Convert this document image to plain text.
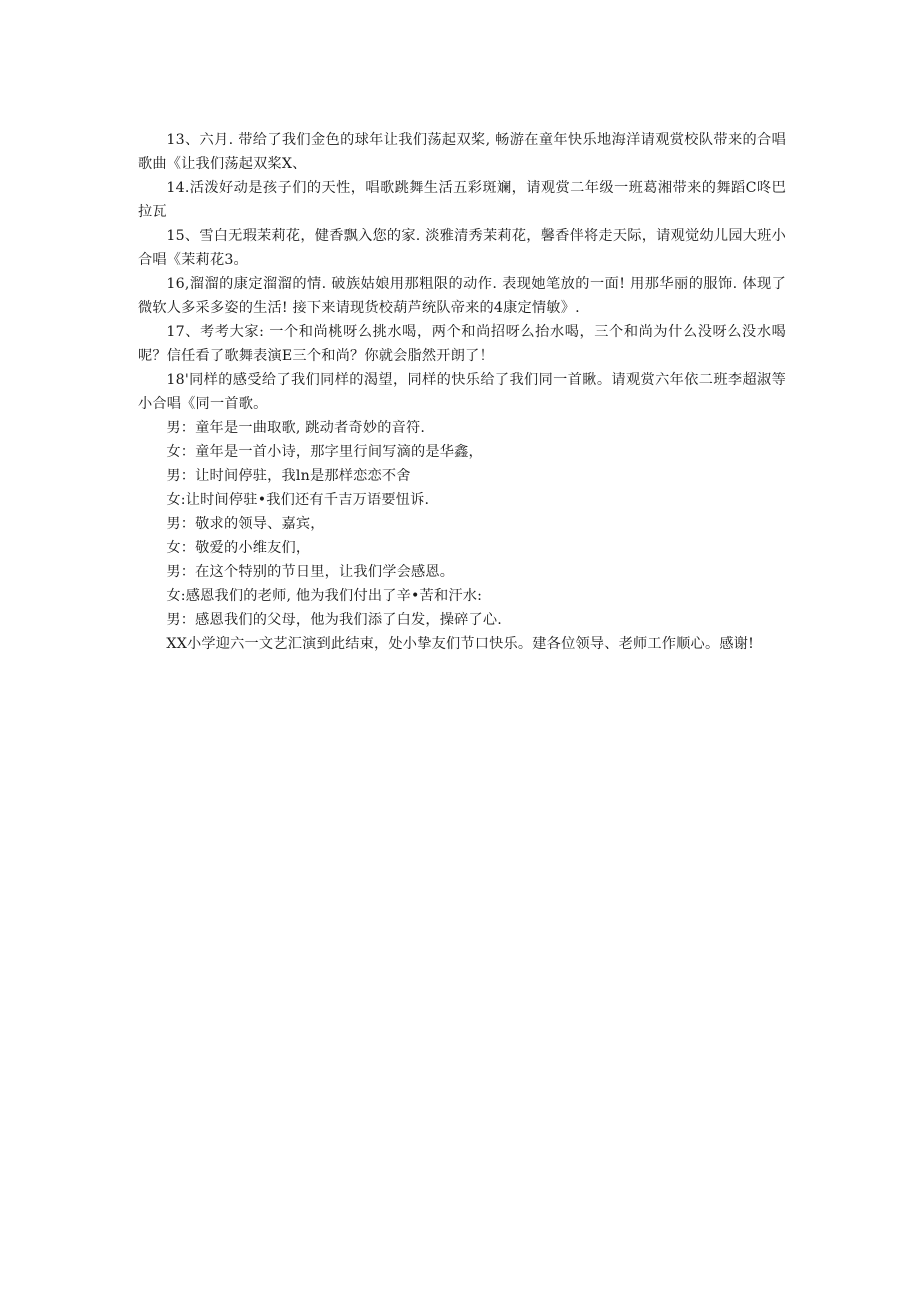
13、六月. 带给了我们金色的球年让我们荡起双桨, 畅游在童年快乐地海洋请观赏校队带来的合唱歌曲《让我们荡起双桨X、

14.活泼好动是孩子们的天性，唱歌跳舞生活五彩斑斓，请观赏二年级一班葛湘带来的舞蹈C咚巴拉瓦

15、雪白无瑕茉莉花，健香飘入您的家. 淡雅清秀茉莉花，馨香伴将走天际，请观觉幼儿园大班小合唱《茉莉花3。

16,溜溜的康定溜溜的情. 破族姑娘用那粗限的动作. 表现她笔放的一面! 用那华丽的服饰. 体现了微软人多采多姿的生活! 接下来请现货校葫芦统队帝来的4康定情敏》.

17、考考大家: 一个和尚桃呀么挑水喝，两个和尚招呀么抬水喝，三个和尚为什么没呀么没水喝呢？信任看了歌舞表演E三个和尚？你就会脂然开朗了！

18'同样的感受给了我们同样的渴望，同样的快乐给了我们同一首瞅。请观赏六年依二班李超淑等小合唱《同一首歌。

男：童年是一曲取歌, 跳动者奇妙的音符.

女：童年是一首小诗，那字里行间写滴的是华鑫，

男：让时间停驻，我ln是那样恋恋不舍

女:让时间停驻•我们还有千吉万语要忸诉.

男：敬求的领导、嘉宾，

女：敬爱的小维友们，

男：在这个特别的节日里，让我们学会感恩。

女:感恩我们的老师, 他为我们付出了辛•苦和汗水:

男：感恩我们的父母，他为我们添了白发，操碎了心.

XX小学迎六一文艺汇演到此结束，处小挚友们节口快乐。建各位领导、老师工作顺心。感谢!
